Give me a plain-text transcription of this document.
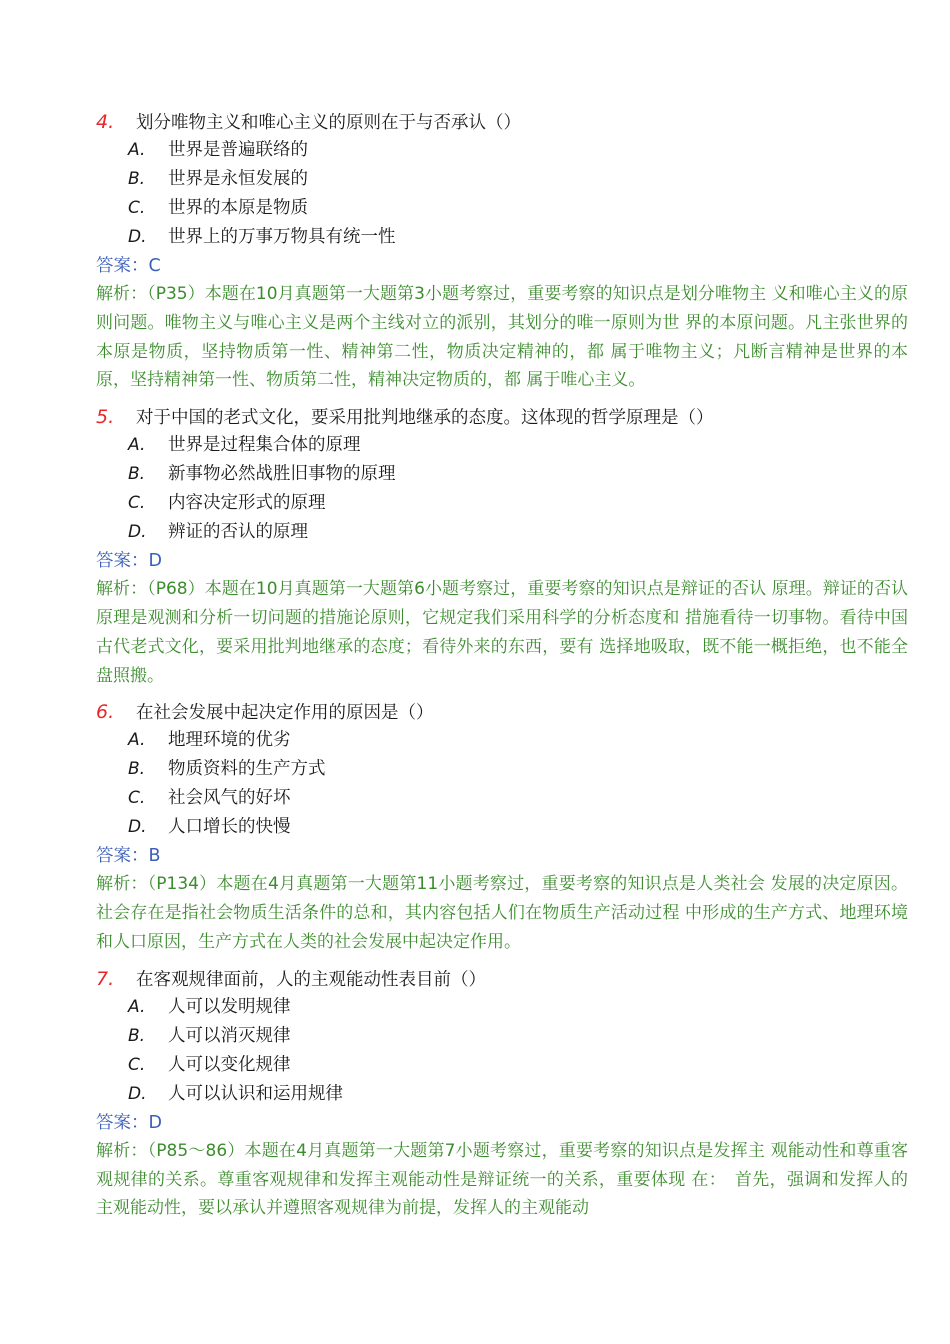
4. 划分唯物主义和唯心主义的原则在于与否承认（）
A. 世界是普遍联络的
B. 世界是永恒发展的
C. 世界的本原是物质
D. 世界上的万事万物具有统一性
答案：C
解析：（P35）本题在10月真题第一大题第3小题考察过，重要考察的知识点是划分唯物主 义和唯心主义的原则问题。唯物主义与唯心主义是两个主线对立的派别，其划分的唯一原则为世 界的本原问题。凡主张世界的本原是物质，坚持物质第一性、精神第二性，物质决定精神的，都 属于唯物主义；凡断言精神是世界的本原，坚持精神第一性、物质第二性，精神决定物质的，都 属于唯心主义。
5. 对于中国的老式文化，要采用批判地继承的态度。这体现的哲学原理是（）
A. 世界是过程集合体的原理
B. 新事物必然战胜旧事物的原理
C. 内容决定形式的原理
D. 辨证的否认的原理
答案：D
解析：（P68）本题在10月真题第一大题第6小题考察过，重要考察的知识点是辩证的否认 原理。辩证的否认原理是观测和分析一切问题的措施论原则，它规定我们采用科学的分析态度和 措施看待一切事物。看待中国古代老式文化，要采用批判地继承的态度；看待外来的东西，要有 选择地吸取，既不能一概拒绝，也不能全盘照搬。
6. 在社会发展中起决定作用的原因是（）
A. 地理环境的优劣
B. 物质资料的生产方式
C. 社会风气的好坏
D. 人口增长的快慢
答案：B
解析：（P134）本题在4月真题第一大题第11小题考察过，重要考察的知识点是人类社会 发展的决定原因。社会存在是指社会物质生活条件的总和，其内容包括人们在物质生产活动过程 中形成的生产方式、地理环境和人口原因，生产方式在人类的社会发展中起决定作用。
7. 在客观规律面前，人的主观能动性表目前（）
A. 人可以发明规律
B. 人可以消灭规律
C. 人可以变化规律
D. 人可以认识和运用规律
答案：D
解析：（P85～86）本题在4月真题第一大题第7小题考察过，重要考察的知识点是发挥主 观能动性和尊重客观规律的关系。尊重客观规律和发挥主观能动性是辩证统一的关系，重要体现 在：　首先，强调和发挥人的主观能动性，要以承认并遵照客观规律为前提，发挥人的主观能动
